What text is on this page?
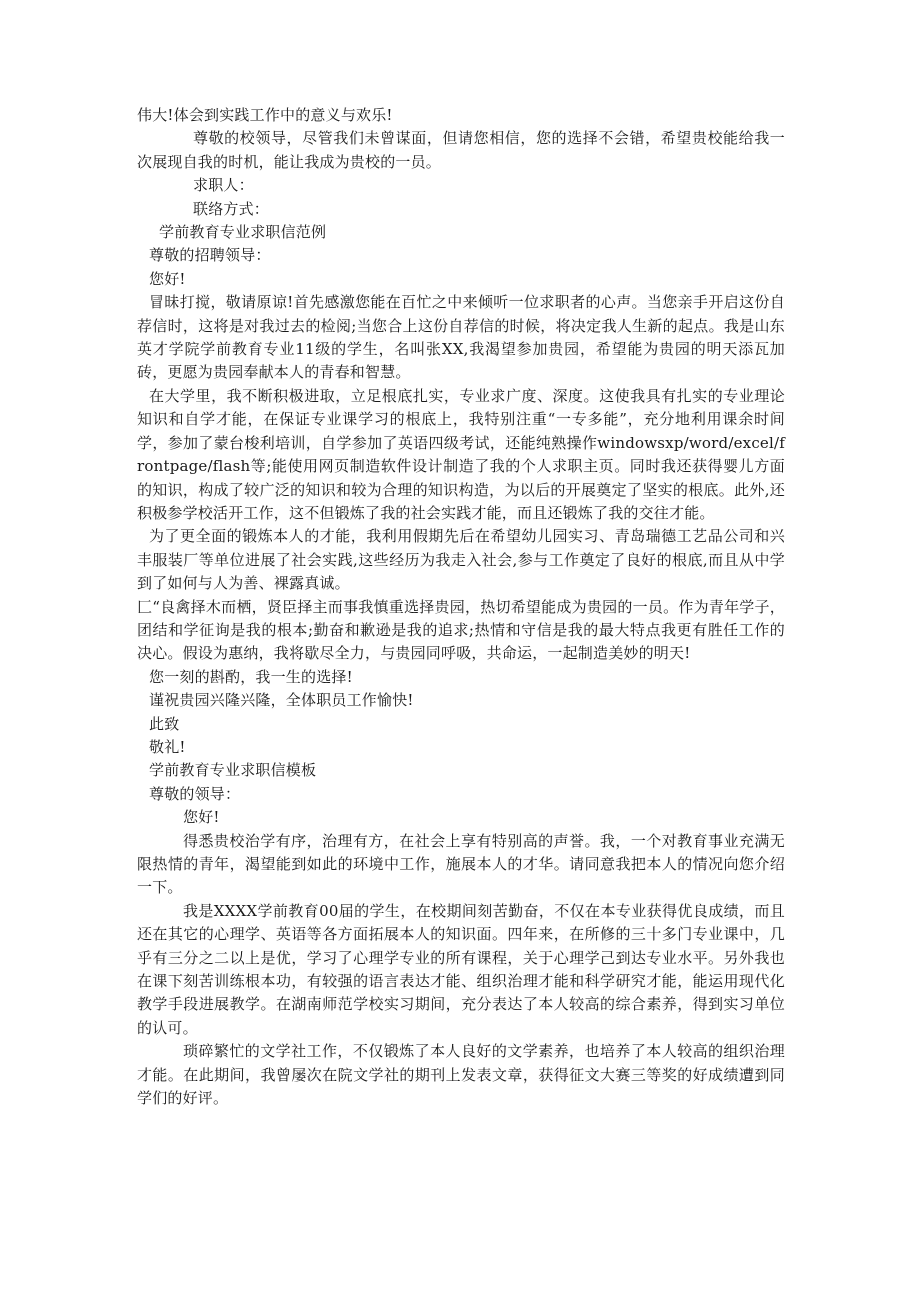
伟大!体会到实践工作中的意义与欢乐!

尊敬的校领导，尽管我们未曾谋面，但请您相信，您的选择不会错，希望贵校能给我一次展现自我的时机，能让我成为贵校的一员。

求职人：

联络方式：

学前教育专业求职信范例

尊敬的招聘领导：

您好!

冒昧打搅，敬请原谅!首先感激您能在百忙之中来倾听一位求职者的心声。当您亲手开启这份自荐信时，这将是对我过去的检阅;当您合上这份自荐信的时候，将决定我人生新的起点。我是山东英才学院学前教育专业11级的学生，名叫张XX,我渴望参加贵园，希望能为贵园的明天添瓦加砖，更愿为贵园奉献本人的青春和智慧。

在大学里，我不断积极进取，立足根底扎实，专业求广度、深度。这使我具有扎实的专业理论知识和自学才能，在保证专业课学习的根底上，我特别注重“一专多能”，充分地利用课余时间学，参加了蒙台梭利培训，自学参加了英语四级考试，还能纯熟操作windowsxp/word/excel/frontpage/flash等;能使用网页制造软件设计制造了我的个人求职主页。同时我还获得婴儿方面的知识，构成了较广泛的知识和较为合理的知识构造，为以后的开展奠定了坚实的根底。此外,还积极参学校活开工作，这不但锻炼了我的社会实践才能，而且还锻炼了我的交往才能。

为了更全面的锻炼本人的才能，我利用假期先后在希望幼儿园实习、青岛瑞德工艺品公司和兴丰服装厂等单位进展了社会实践,这些经历为我走入社会,参与工作奠定了良好的根底,而且从中学到了如何与人为善、裸露真诚。

匚“良禽择木而栖，贤臣择主而事我慎重选择贵园，热切希望能成为贵园的一员。作为青年学子，团结和学征询是我的根本;勤奋和歉逊是我的追求;热情和守信是我的最大特点我更有胜任工作的决心。假设为惠纳，我将歇尽全力，与贵园同呼吸，共命运，一起制造美妙的明天!

您一刻的斟酌，我一生的选择!

谨祝贵园兴隆兴隆，全体职员工作愉快!

此致

敬礼!

学前教育专业求职信模板

尊敬的领导：

您好!

得悉贵校治学有序，治理有方，在社会上享有特别高的声誉。我，一个对教育事业充满无限热情的青年，渴望能到如此的环境中工作，施展本人的才华。请同意我把本人的情况向您介绍一下。

我是XXXX学前教育00届的学生，在校期间刻苦勤奋，不仅在本专业获得优良成绩，而且还在其它的心理学、英语等各方面拓展本人的知识面。四年来，在所修的三十多门专业课中，几乎有三分之二以上是优，学习了心理学专业的所有课程，关于心理学己到达专业水平。另外我也在课下刻苦训练根本功，有较强的语言表达才能、组织治理才能和科学研究才能，能运用现代化教学手段进展教学。在湖南师范学校实习期间，充分表达了本人较高的综合素养，得到实习单位的认可。

琐碎繁忙的文学社工作，不仅锻炼了本人良好的文学素养，也培养了本人较高的组织治理才能。在此期间，我曾屡次在院文学社的期刊上发表文章，获得征文大赛三等奖的好成绩遭到同学们的好评。
